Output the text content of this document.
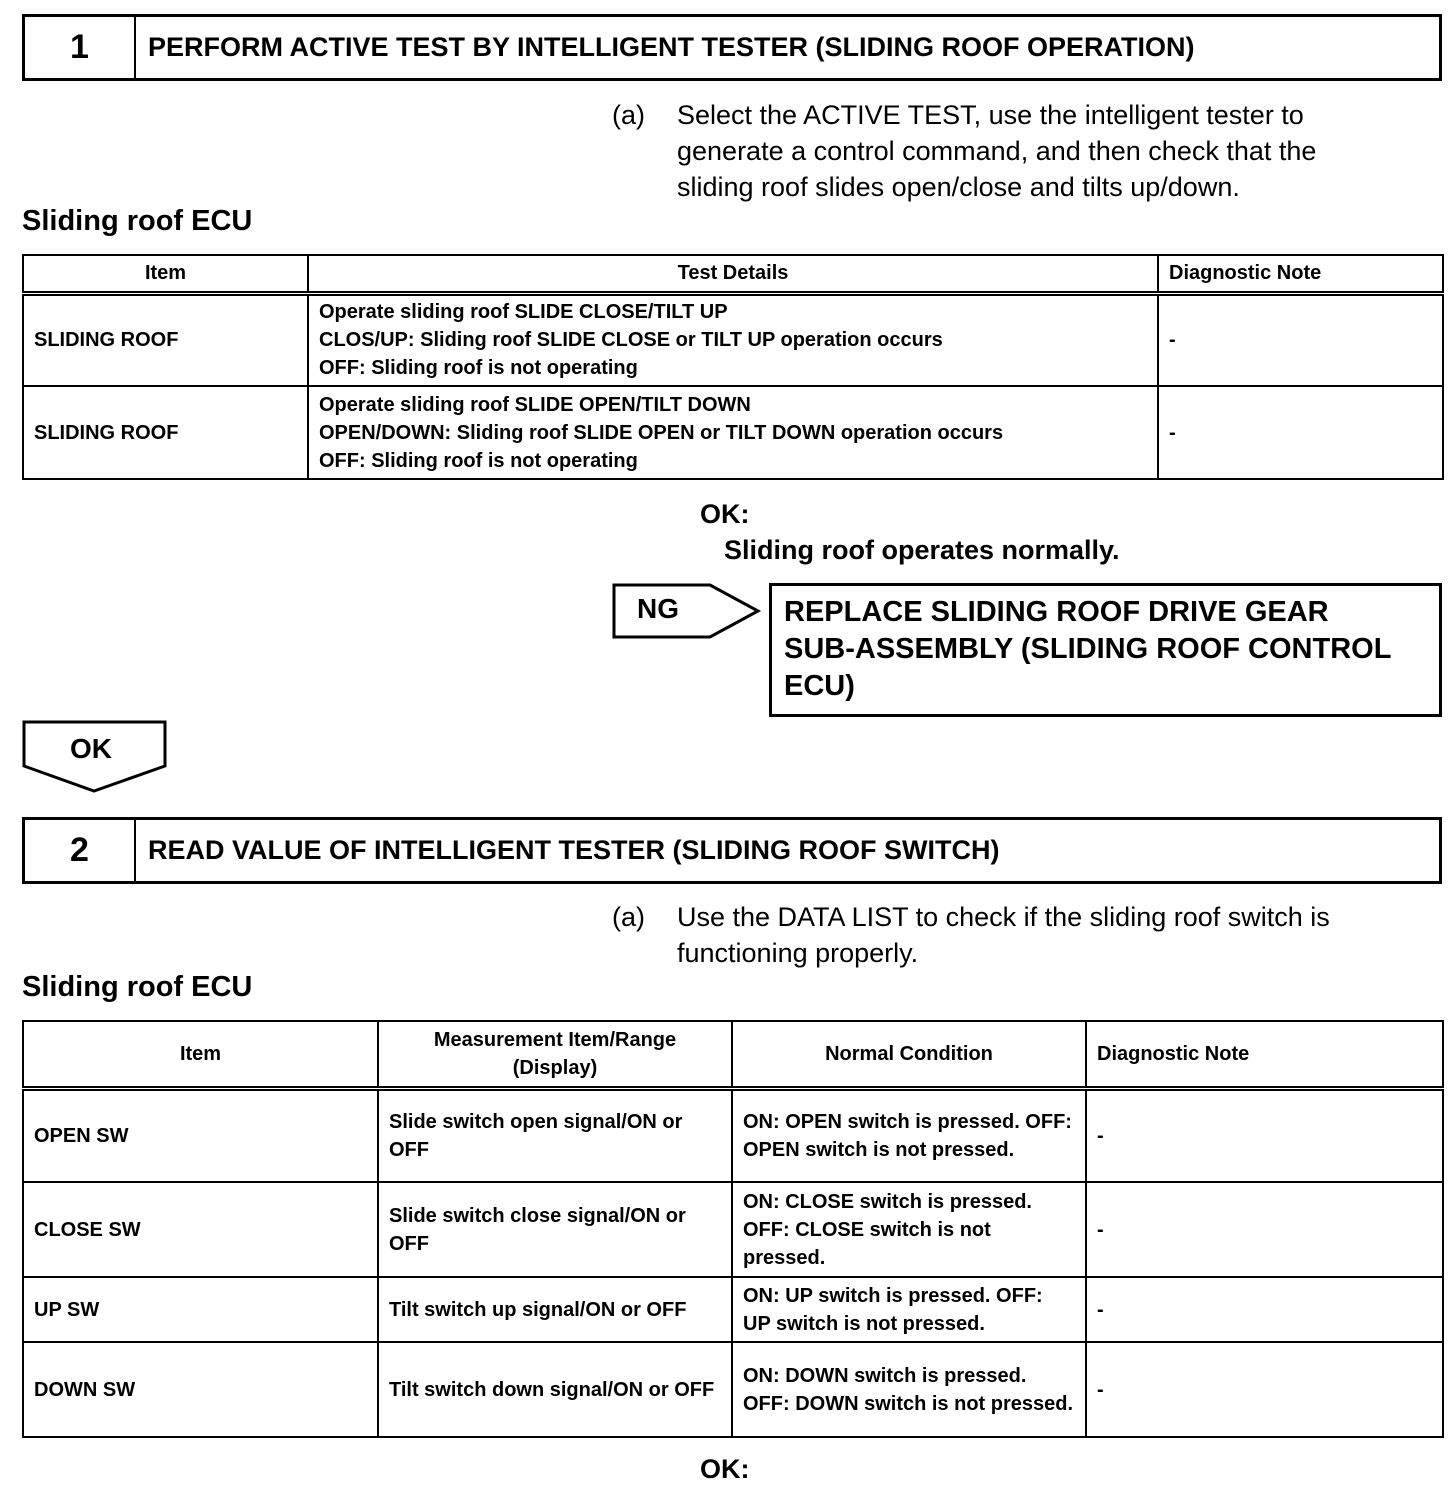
1	PERFORM ACTIVE TEST BY INTELLIGENT TESTER (SLIDING ROOF OPERATION)
(a) Select the ACTIVE TEST, use the intelligent tester to
generate a control command, and then check that the
sliding roof slides open/close and tilts up/down.
Sliding roof ECU
Item	Test Details	Diagnostic Note
SLIDING ROOF	Operate sliding roof SLIDE CLOSE/TILT UP
CLOS/UP: Sliding roof SLIDE CLOSE or TILT UP operation occurs
OFF: Sliding roof is not operating	-
SLIDING ROOF	Operate sliding roof SLIDE OPEN/TILT DOWN
OPEN/DOWN: Sliding roof SLIDE OPEN or TILT DOWN operation occurs
OFF: Sliding roof is not operating	-
OK:
Sliding roof operates normally.
NG	REPLACE SLIDING ROOF DRIVE GEAR
SUB-ASSEMBLY (SLIDING ROOF CONTROL
ECU)
OK
2	READ VALUE OF INTELLIGENT TESTER (SLIDING ROOF SWITCH)
(a) Use the DATA LIST to check if the sliding roof switch is
functioning properly.
Sliding roof ECU
Item	Measurement Item/Range (Display)	Normal Condition	Diagnostic Note
OPEN SW	Slide switch open signal/ON or OFF	ON: OPEN switch is pressed. OFF: OPEN switch is not pressed.	-
CLOSE SW	Slide switch close signal/ON or OFF	ON: CLOSE switch is pressed. OFF: CLOSE switch is not pressed.	-
UP SW	Tilt switch up signal/ON or OFF	ON: UP switch is pressed. OFF: UP switch is not pressed.	-
DOWN SW	Tilt switch down signal/ON or OFF	ON: DOWN switch is pressed. OFF: DOWN switch is not pressed.	-
OK:
